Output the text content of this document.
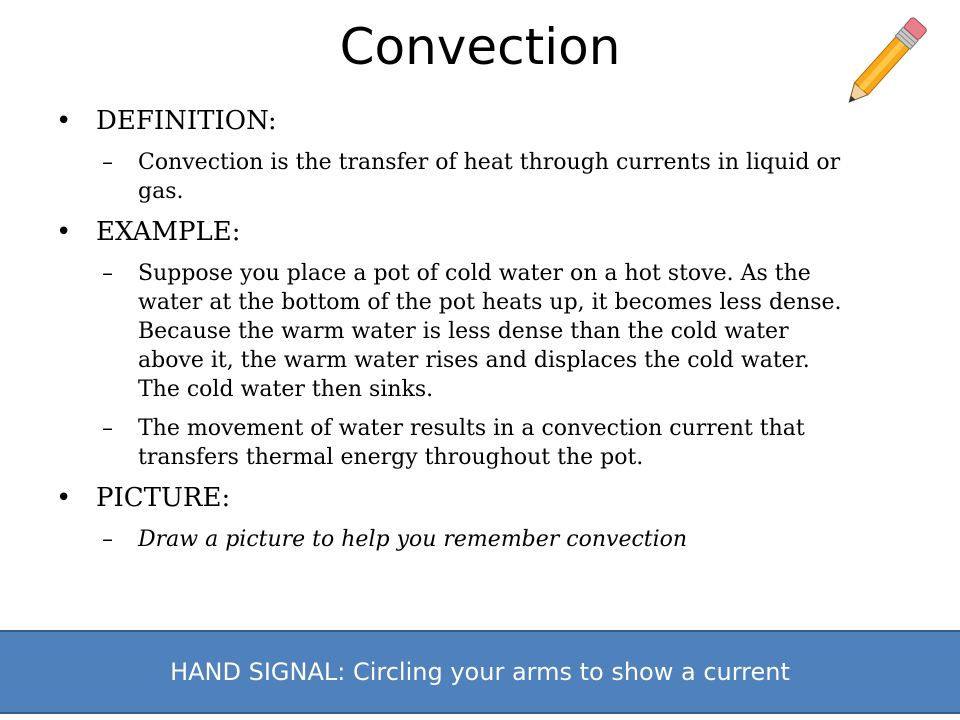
Convection
• DEFINITION:
– Convection is the transfer of heat through currents in liquid or gas.
• EXAMPLE:
– Suppose you place a pot of cold water on a hot stove. As the water at the bottom of the pot heats up, it becomes less dense. Because the warm water is less dense than the cold water above it, the warm water rises and displaces the cold water. The cold water then sinks.
– The movement of water results in a convection current that transfers thermal energy throughout the pot.
• PICTURE:
– Draw a picture to help you remember convection
HAND SIGNAL: Circling your arms to show a current
